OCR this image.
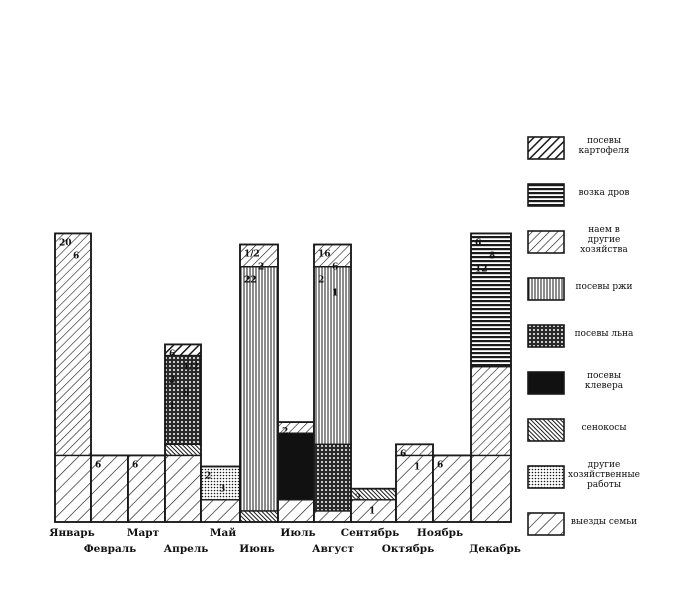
20
6
6	6
6
1/2
2
8
1
2
3
1/2
2
22
2
6
1
16
6
2
1
2
1
6
1 6
6
8
12
Январь
Февраль
Март
Апрель
Май
Июнь
Июль
Август
Сентябрь
Октябрь
Ноябрь
Декабрь
посевы картофеля
возка дров
наем в другие хозяйства
посевы ржи
посевы льна
посевы клевера
сенокосы
другие хозяйственные работы
выезды семьи
